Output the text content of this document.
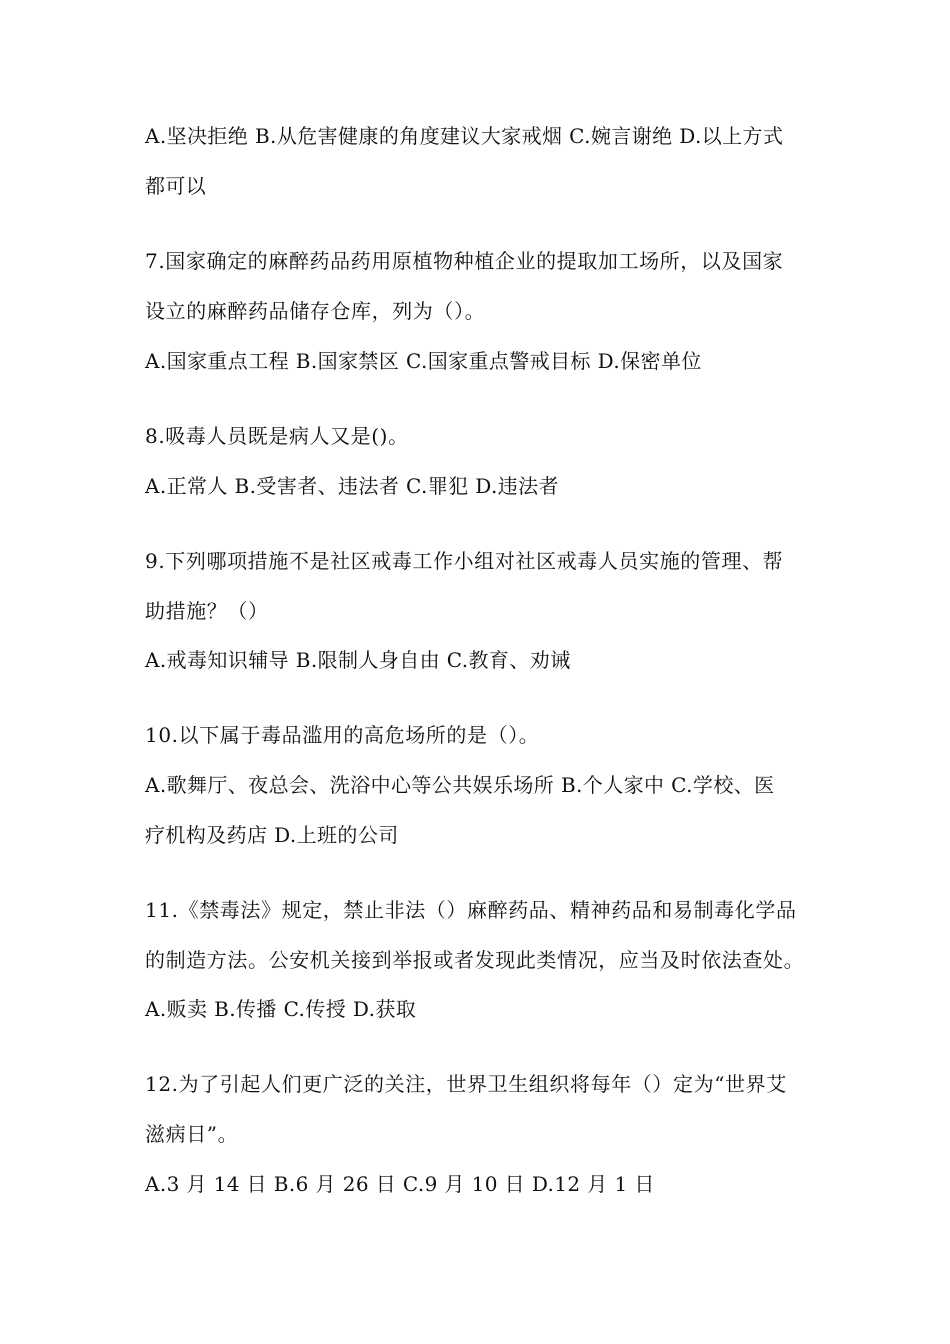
A.坚决拒绝 B.从危害健康的角度建议大家戒烟 C.婉言谢绝 D.以上方式
都可以
7.国家确定的麻醉药品药用原植物种植企业的提取加工场所，以及国家
设立的麻醉药品储存仓库，列为（）。
A.国家重点工程 B.国家禁区 C.国家重点警戒目标 D.保密单位
8.吸毒人员既是病人又是()。
A.正常人 B.受害者、违法者 C.罪犯 D.违法者
9.下列哪项措施不是社区戒毒工作小组对社区戒毒人员实施的管理、帮
助措施？（）
A.戒毒知识辅导 B.限制人身自由 C.教育、劝诫
10.以下属于毒品滥用的高危场所的是（）。
A.歌舞厅、夜总会、洗浴中心等公共娱乐场所 B.个人家中 C.学校、医
疗机构及药店 D.上班的公司
11.《禁毒法》规定，禁止非法（）麻醉药品、精神药品和易制毒化学品
的制造方法。公安机关接到举报或者发现此类情况，应当及时依法查处。
A.贩卖 B.传播 C.传授 D.获取
12.为了引起人们更广泛的关注，世界卫生组织将每年（）定为“世界艾
滋病日”。
A.3 月 14 日 B.6 月 26 日 C.9 月 10 日 D.12 月 1 日
